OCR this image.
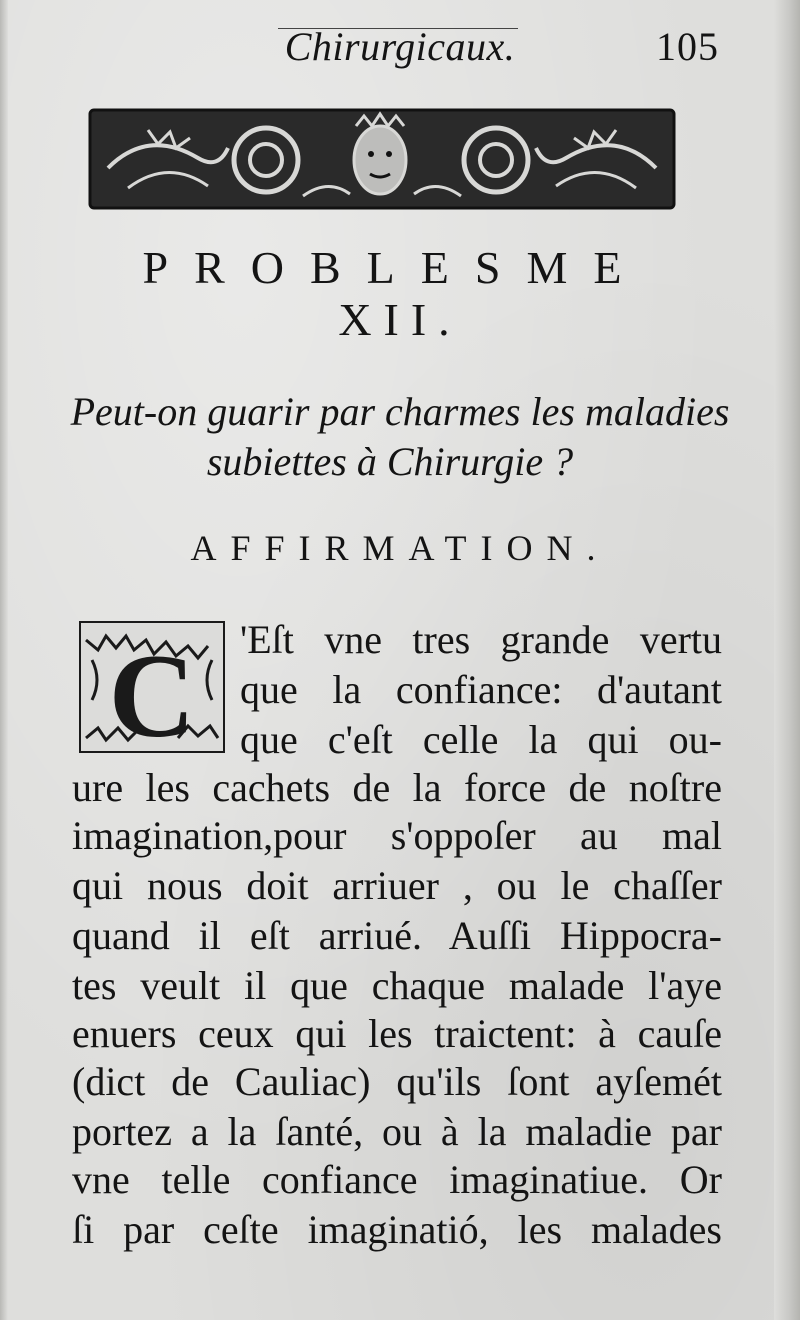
Chirurgicaux.	105
PROBLESME
XII.
Peut-on guarir par charmes les maladies
subiettes à Chirurgie ?
AFFIRMATION.
C 'Eſt vne tres grande vertu
que la confiance: d'autant
que c'eſt celle la qui ou-
ure les cachets de la force de noſtre
imagination,pour s'oppoſer au mal
qui nous doit arriuer , ou le chaſſer
quand il eſt arriué. Auſſi Hippocra-
tes veult il que chaque malade l'aye
enuers ceux qui les traictent: à cauſe
(dict de Cauliac) qu'ils ſont ayſemét
portez a la ſanté, ou à la maladie par
vne telle confiance imaginatiue. Or
ſi par ceſte imaginatió, les malades
